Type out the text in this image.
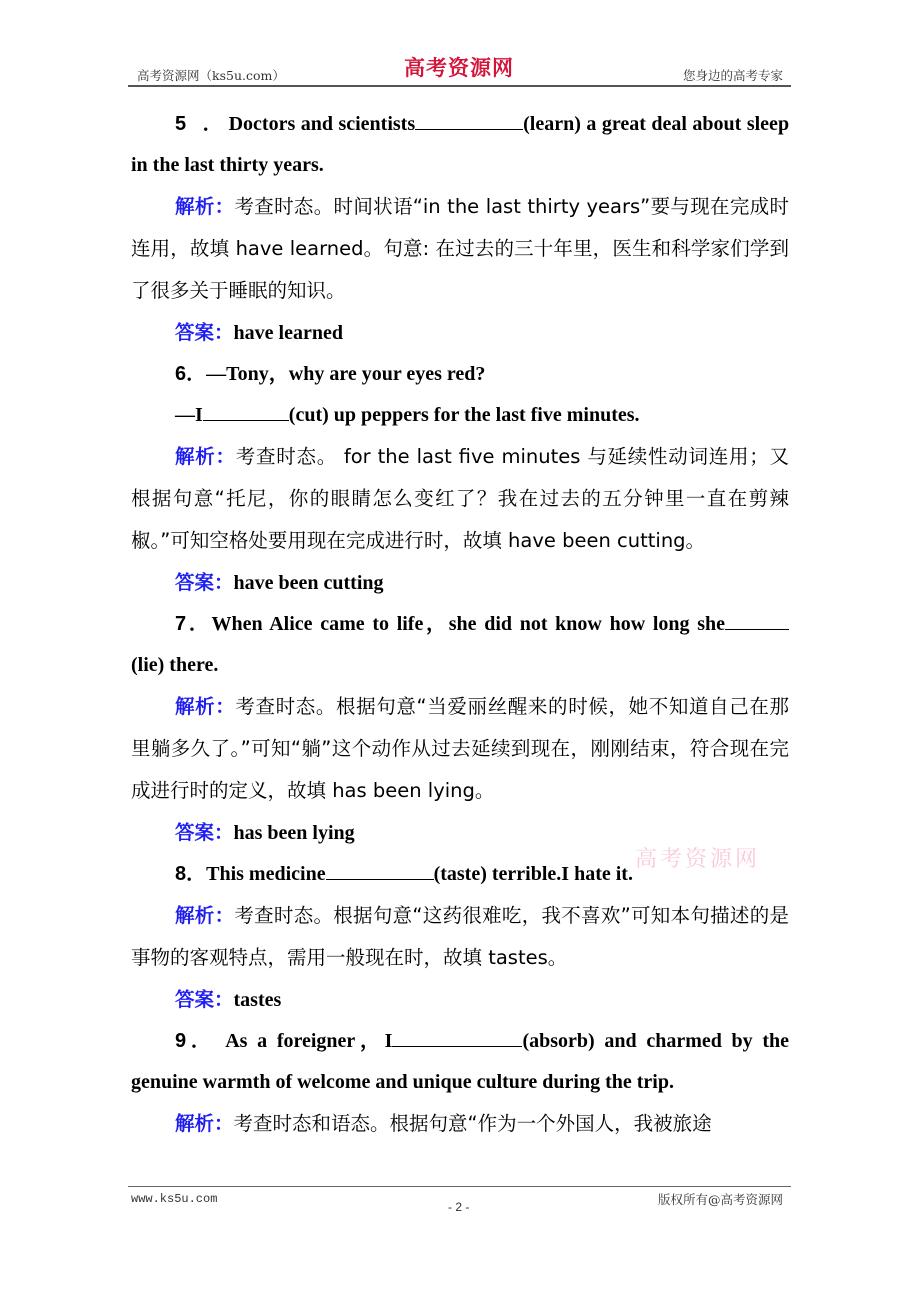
高考资源网（ks5u.com）	高考资源网	您身边的高考专家

5 ． Doctors and scientists	(learn) a great deal about sleep in the last thirty years.

解析：考查时态。时间状语“in the last thirty years”要与现在完成时连用，故填 have learned。句意: 在过去的三十年里，医生和科学家们学到了很多关于睡眠的知识。

答案：have learned

6．—Tony，why are your eyes red?

—I	(cut) up peppers for the last five minutes.

解析：考查时态。 for the last five minutes 与延续性动词连用；又根据句意“托尼，你的眼睛怎么变红了？我在过去的五分钟里一直在剪辣椒。”可知空格处要用现在完成进行时，故填 have been cutting。

答案：have been cutting

7．When Alice came to life，she did not know how long she (lie) there.

解析：考查时态。根据句意“当爱丽丝醒来的时候，她不知道自己在那里躺多久了。”可知“躺”这个动作从过去延续到现在，刚刚结束，符合现在完成进行时的定义，故填 has been lying。

答案：has been lying

8．This medicine	(taste) terrible.I hate it.

解析：考查时态。根据句意“这药很难吃，我不喜欢”可知本句描述的是事物的客观特点，需用一般现在时，故填 tastes。

答案：tastes

9． As a foreigner，I	(absorb) and charmed by the genuine warmth of welcome and unique culture during the trip.

解析：考查时态和语态。根据句意“作为一个外国人，我被旅途

高考资源网
www.ks5u.com
- 2 -	版权所有@高考资源网
